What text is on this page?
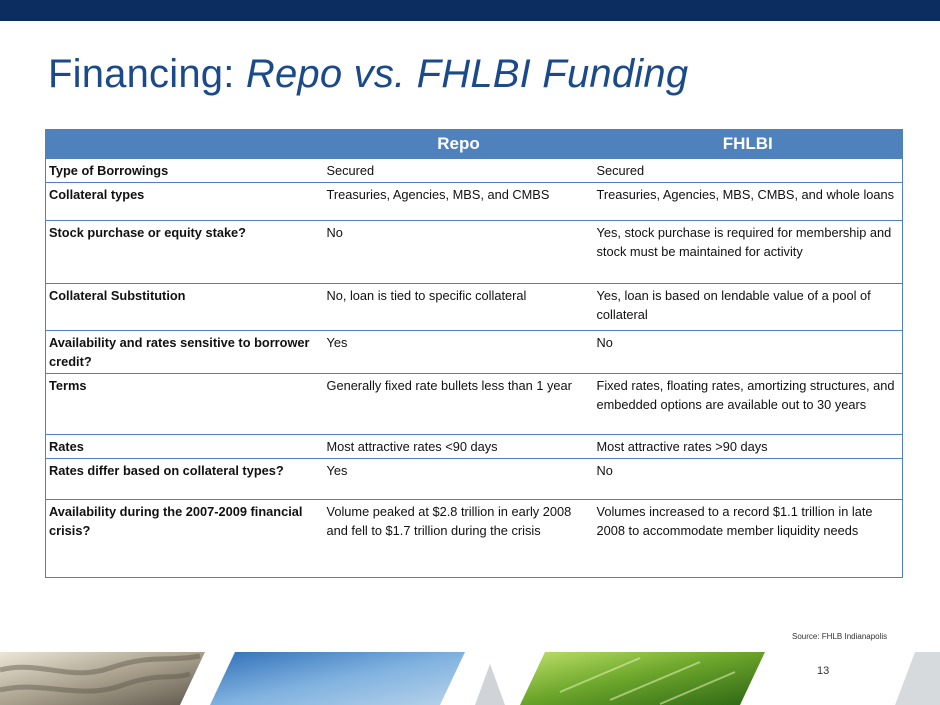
Financing: Repo vs. FHLBI Funding
	Repo	FHLBI
Type of Borrowings	Secured	Secured
Collateral types	Treasuries, Agencies, MBS, and CMBS	Treasuries, Agencies, MBS, CMBS, and whole loans
Stock purchase or equity stake?	No	Yes, stock purchase is required for membership and stock must be maintained for activity
Collateral Substitution	No, loan is tied to specific collateral	Yes, loan is based on lendable value of a pool of collateral
Availability and rates sensitive to borrower credit?	Yes	No
Terms	Generally fixed rate bullets less than 1 year	Fixed rates, floating rates, amortizing structures, and embedded options are available out to 30 years
Rates	Most attractive rates <90 days	Most attractive rates >90 days
Rates differ based on collateral types?	Yes	No
Availability during the 2007-2009 financial crisis?	Volume peaked at $2.8 trillion in early 2008 and fell to $1.7 trillion during the crisis	Volumes increased to a record $1.1 trillion in late 2008 to accommodate member liquidity needs
Source: FHLB Indianapolis
13
